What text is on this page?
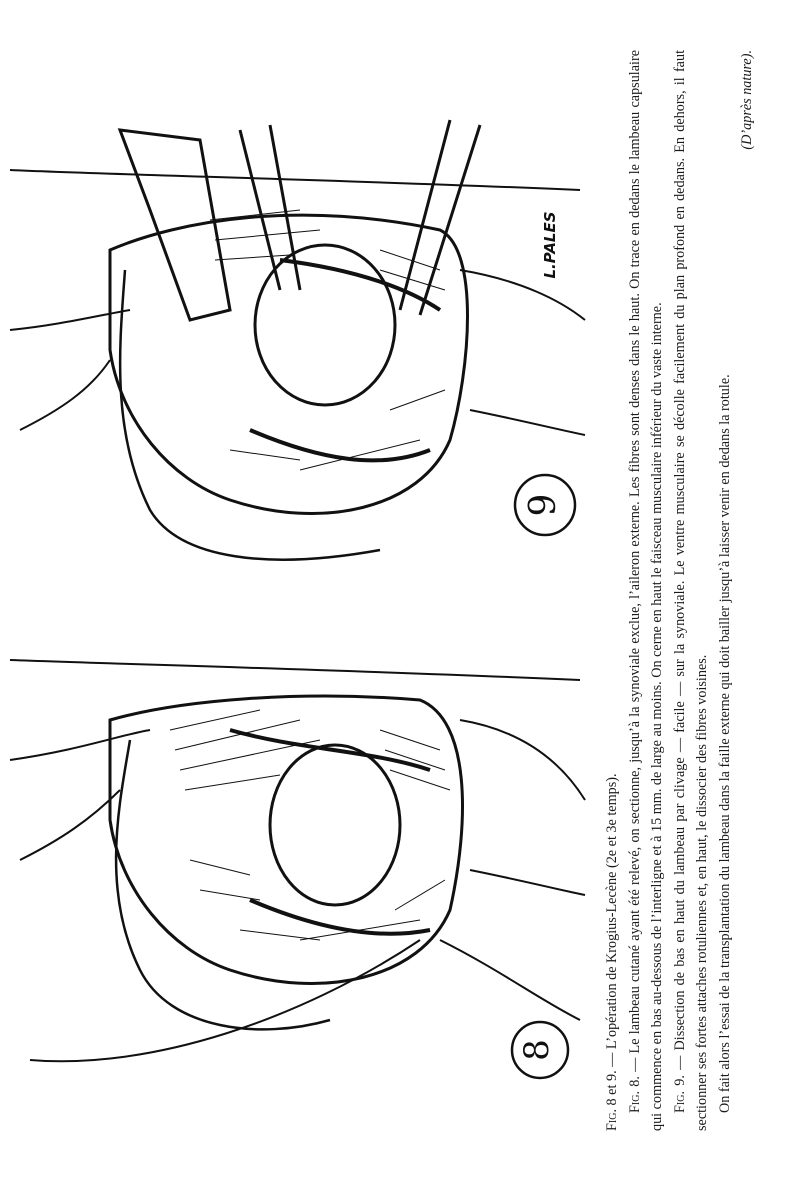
8
L.PALES
9

Fig. 8 et 9. — L’opération de Krogius-Lecène (2e et 3e temps). Fig. 8. — Le lambeau cutané ayant été relevé, on sectionne, jusqu’à la synoviale exclue, l’aileron externe. Les fibres sont denses dans le haut. On trace en dedans le lambeau capsulaire qui commence en bas au-dessous de l’interligne et à 15 mm. de large au moins. On cerne en haut le faisceau musculaire inférieur du vaste interne. Fig. 9. — Dissection de bas en haut du lambeau par clivage — facile — sur la synoviale. Le ventre musculaire se décolle facilement du plan profond en dedans. En dehors, il faut sectionner ses fortes attaches rotuliennes et, en haut, le dissocier des fibres voisines. On fait alors l’essai de la transplantation du lambeau dans la faille externe qui doit bailler jusqu’à laisser venir en dedans la rotule.

(D’après nature).
